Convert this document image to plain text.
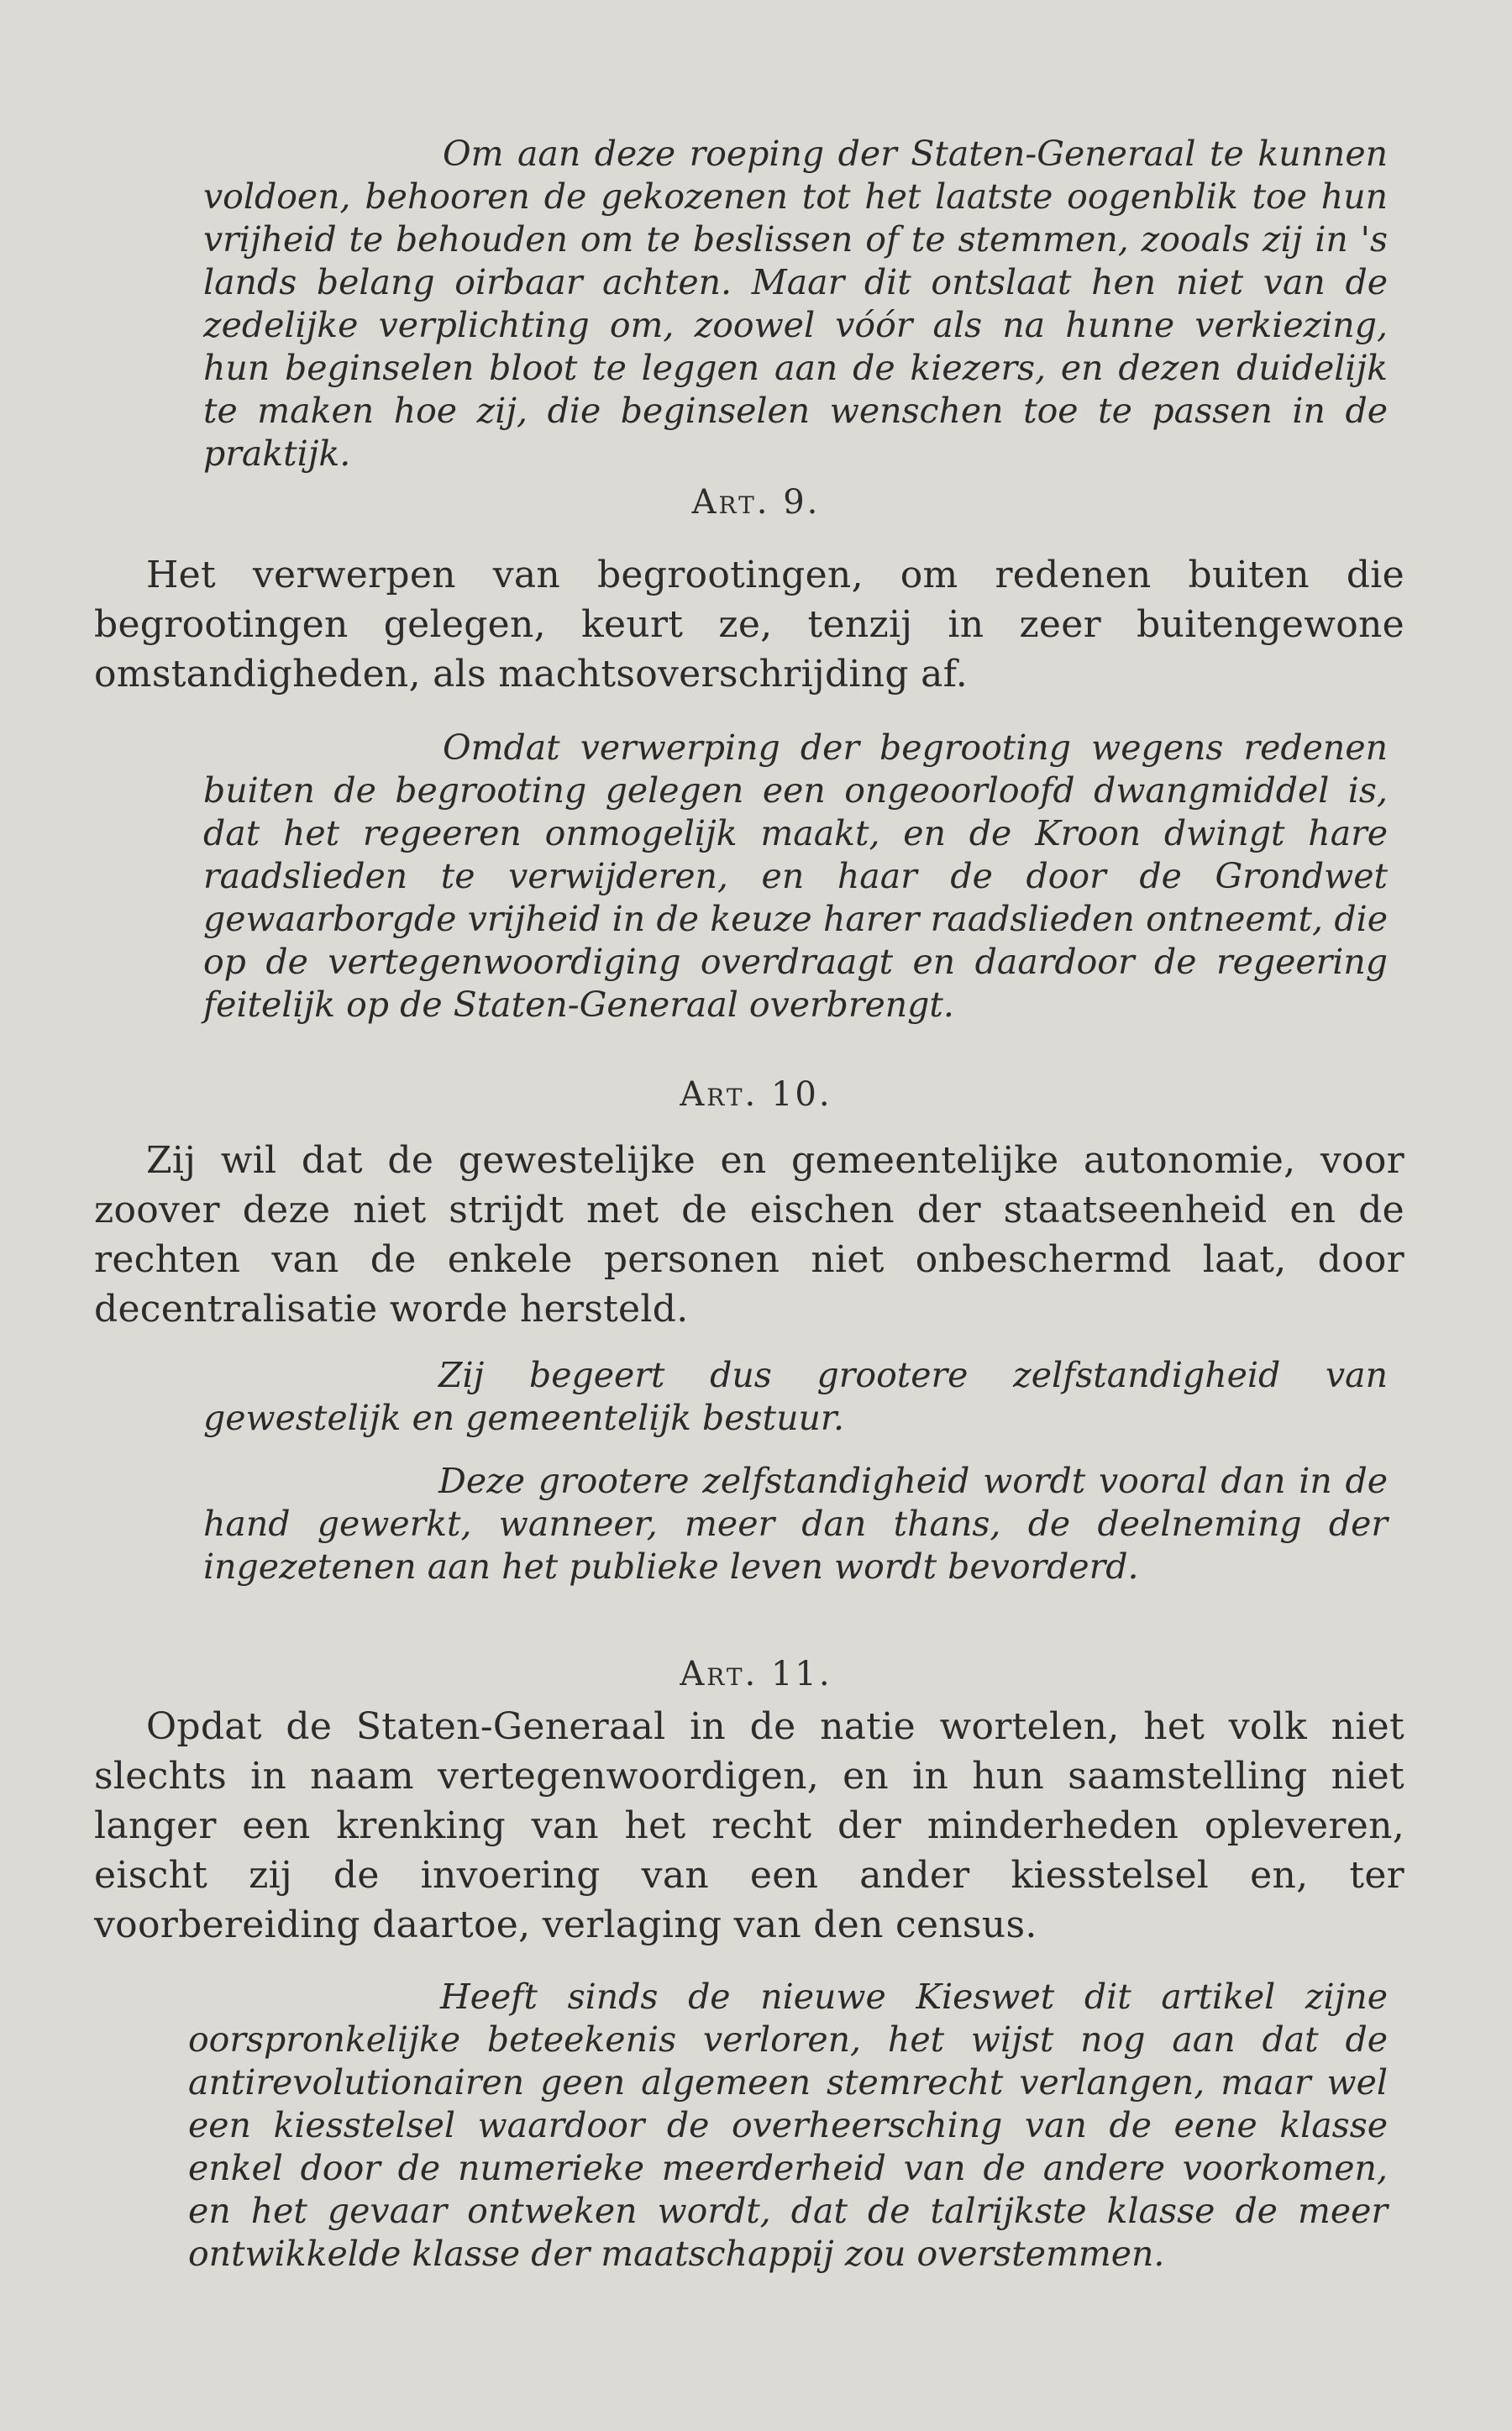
Om aan deze roeping der Staten-Generaal te kunnen voldoen, behooren de gekozenen tot het laatste oogenblik toe hun vrijheid te behouden om te beslissen of te stemmen, zooals zij in 's lands belang oirbaar achten. Maar dit ontslaat hen niet van de zedelijke verplichting om, zoowel vóór als na hunne verkiezing, hun beginselen bloot te leggen aan de kiezers, en dezen duidelijk te maken hoe zij, die beginselen wenschen toe te passen in de praktijk.

Art. 9.

Het verwerpen van begrootingen, om redenen buiten die begrootingen gelegen, keurt ze, tenzij in zeer buitengewone omstandigheden, als machtsoverschrijding af.

Omdat verwerping der begrooting wegens redenen buiten de begrooting gelegen een ongeoorloofd dwangmiddel is, dat het regeeren onmogelijk maakt, en de Kroon dwingt hare raadslieden te verwijderen, en haar de door de Grondwet gewaarborgde vrijheid in de keuze harer raadslieden ontneemt, die op de vertegenwoordiging overdraagt en daardoor de regeering feitelijk op de Staten-Generaal overbrengt.

Art. 10.

Zij wil dat de gewestelijke en gemeentelijke autonomie, voor zoover deze niet strijdt met de eischen der staatseenheid en de rechten van de enkele personen niet onbeschermd laat, door decentralisatie worde hersteld.

Zij begeert dus grootere zelfstandigheid van gewestelijk en gemeentelijk bestuur.

Deze grootere zelfstandigheid wordt vooral dan in de hand gewerkt, wanneer, meer dan thans, de deelneming der ingezetenen aan het publieke leven wordt bevorderd.

Art. 11.

Opdat de Staten-Generaal in de natie wortelen, het volk niet slechts in naam vertegenwoordigen, en in hun saamstelling niet langer een krenking van het recht der minderheden opleveren, eischt zij de invoering van een ander kiesstelsel en, ter voorbereiding daartoe, verlaging van den census.

Heeft sinds de nieuwe Kieswet dit artikel zijne oorspronkelijke beteekenis verloren, het wijst nog aan dat de antirevolutionairen geen algemeen stemrecht verlangen, maar wel een kiesstelsel waardoor de overheersching van de eene klasse enkel door de numerieke meerderheid van de andere voorkomen, en het gevaar ontweken wordt, dat de talrijkste klasse de meer ontwikkelde klasse der maatschappij zou overstemmen.
